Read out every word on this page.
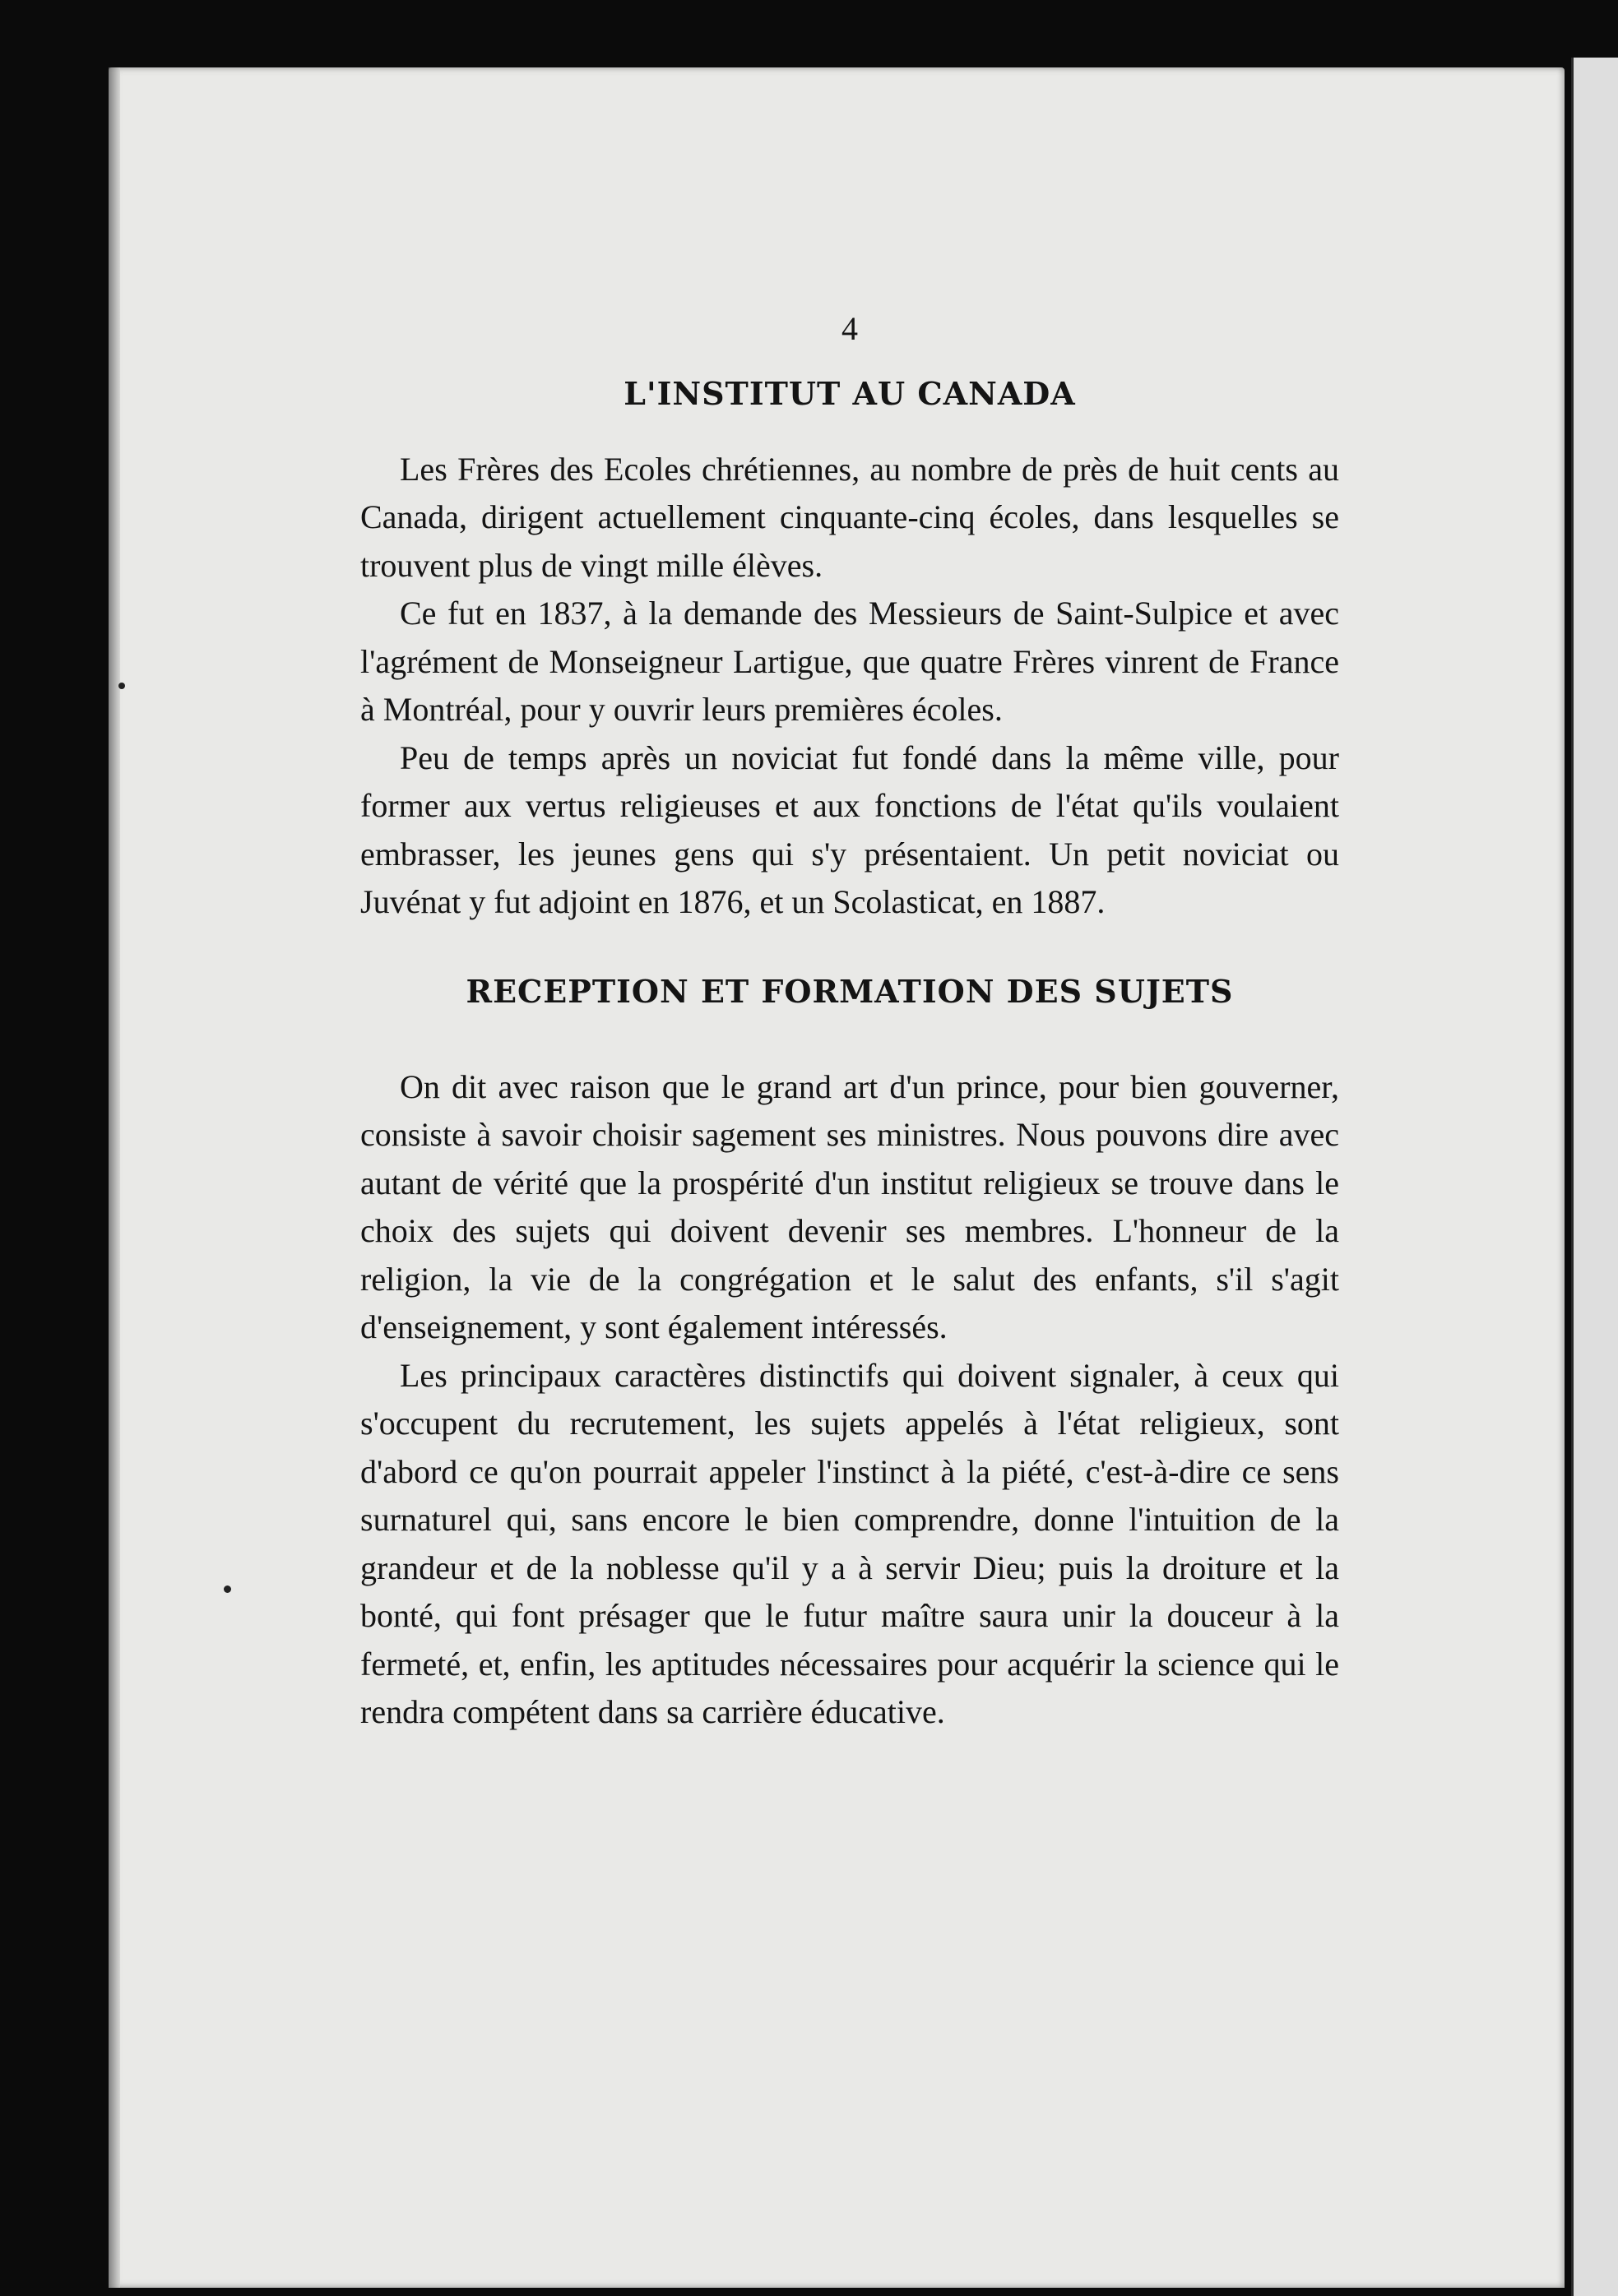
4

L'INSTITUT AU CANADA

Les Frères des Ecoles chrétiennes, au nombre de près de huit cents au Canada, dirigent actuellement cinquante-cinq écoles, dans lesquelles se trouvent plus de vingt mille élèves.

Ce fut en 1837, à la demande des Messieurs de Saint-Sulpice et avec l'agrément de Monseigneur Lartigue, que quatre Frères vinrent de France à Montréal, pour y ouvrir leurs premières écoles.

Peu de temps après un noviciat fut fondé dans la même ville, pour former aux vertus religieuses et aux fonctions de l'état qu'ils voulaient embrasser, les jeunes gens qui s'y présentaient. Un petit noviciat ou Juvénat y fut adjoint en 1876, et un Scolasticat, en 1887.

RECEPTION ET FORMATION DES SUJETS

On dit avec raison que le grand art d'un prince, pour bien gouverner, consiste à savoir choisir sagement ses ministres. Nous pouvons dire avec autant de vérité que la prospérité d'un institut religieux se trouve dans le choix des sujets qui doivent devenir ses membres. L'honneur de la religion, la vie de la congrégation et le salut des enfants, s'il s'agit d'enseignement, y sont également intéressés.

Les principaux caractères distinctifs qui doivent signaler, à ceux qui s'occupent du recrutement, les sujets appelés à l'état religieux, sont d'abord ce qu'on pourrait appeler l'instinct à la piété, c'est-à-dire ce sens surnaturel qui, sans encore le bien comprendre, donne l'intuition de la grandeur et de la noblesse qu'il y a à servir Dieu; puis la droiture et la bonté, qui font présager que le futur maître saura unir la douceur à la fermeté, et, enfin, les aptitudes nécessaires pour acquérir la science qui le rendra compétent dans sa carrière éducative.
